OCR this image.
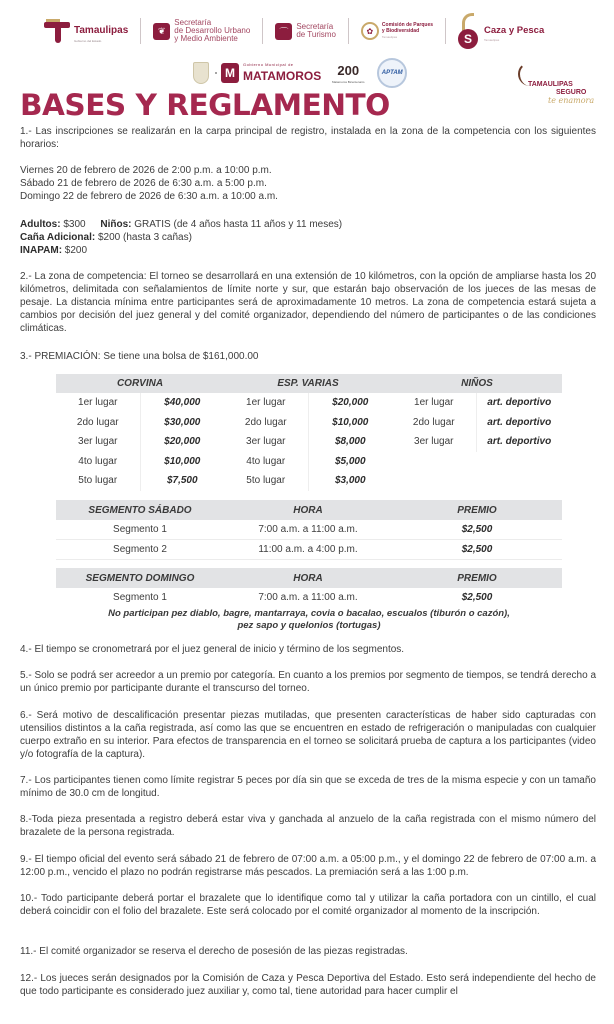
Tamaulipas
Gobierno del Estado
❦
Secretaría
de Desarrollo Urbano
y Medio Ambiente
⌒	Secretaría
de Turismo	✿
Comisión de Parques
y Biodiversidad
Tamaulipas	S
Caza y Pesca
Tamaulipas
M
Gobierno Municipal de
MATAMOROS	200
Matamoros Bicentenario
APTAM
TAMAULIPAS
SEGURO
te enamora
BASES Y REGLAMENTO
1.- Las inscripciones se realizarán en la carpa principal de registro, instalada en la zona de la competencia con los siguientes horarios:
Viernes 20 de febrero de 2026 de 2:00 p.m. a 10:00 p.m.
Sábado 21 de febrero de 2026 de 6:30 a.m. a 5:00 p.m.
Domingo 22 de febrero de 2026 de 6:30 a.m. a 10:00 a.m.
Adultos: $300 Niños: GRATIS (de 4 años hasta 11 años y 11 meses)
Caña Adicional: $200 (hasta 3 cañas)
INAPAM: $200
2.- La zona de competencia: El torneo se desarrollará en una extensión de 10 kilómetros, con la opción de ampliarse hasta los 20 kilómetros, delimitada con señalamientos de límite norte y sur, que estarán bajo observación de los jueces de las mesas de pesaje. La distancia mínima entre participantes será de aproximadamente 10 metros. La zona de competencia estará sujeta a cambios por decisión del juez general y del comité organizador, dependiendo del número de participantes o de las condiciones climáticas.
3.- PREMIACIÓN: Se tiene una bolsa de $161,000.00
CORVINA		ESP. VARIAS		NIÑOS	
1er lugar	$40,000	1er lugar	$20,000	1er lugar	art. deportivo
2do lugar	$30,000	2do lugar	$10,000	2do lugar	art. deportivo
3er lugar	$20,000	3er lugar	$8,000	3er lugar	art. deportivo
4to lugar	$10,000	4to lugar	$5,000		
5to lugar	$7,500	5to lugar	$3,000		
SEGMENTO SÁBADO	HORA	PREMIO
Segmento 1	7:00 a.m. a 11:00 a.m.	$2,500
Segmento 2	11:00 a.m. a 4:00 p.m.	$2,500
SEGMENTO DOMINGO	HORA	PREMIO
Segmento 1	7:00 a.m. a 11:00 a.m.	$2,500
No participan pez diablo, bagre, mantarraya, covia o bacalao, escualos (tiburón o cazón),
pez sapo y quelonios (tortugas)
4.- El tiempo se cronometrará por el juez general de inicio y término de los segmentos.
5.- Solo se podrá ser acreedor a un premio por categoría. En cuanto a los premios por segmento de tiempos, se tendrá derecho a un único premio por participante durante el transcurso del torneo.
6.- Será motivo de descalificación presentar piezas mutiladas, que presenten características de haber sido capturadas con utensilios distintos a la caña registrada, así como las que se encuentren en estado de refrigeración o manipuladas con cualquier cuerpo extraño en su interior. Para efectos de transparencia en el torneo se solicitará prueba de captura a los participantes (video y/o fotografía de la captura).
7.- Los participantes tienen como límite registrar 5 peces por día sin que se exceda de tres de la misma especie y con un tamaño mínimo de 30.0 cm de longitud.
8.-Toda pieza presentada a registro deberá estar viva y ganchada al anzuelo de la caña registrada con el mismo número del brazalete de la persona registrada.
9.- El tiempo oficial del evento será sábado 21 de febrero de 07:00 a.m. a 05:00 p.m., y el domingo 22 de febrero de 07:00 a.m. a 12:00 p.m., vencido el plazo no podrán registrarse más pescados. La premiación será a las 1:00 p.m.
10.- Todo participante deberá portar el brazalete que lo identifique como tal y utilizar la caña portadora con un cintillo, el cual deberá coincidir con el folio del brazalete. Este será colocado por el comité organizador al momento de la inscripción.
11.- El comité organizador se reserva el derecho de posesión de las piezas registradas.
12.- Los jueces serán designados por la Comisión de Caza y Pesca Deportiva del Estado. Esto será independiente del hecho de que todo participante es considerado juez auxiliar y, como tal, tiene autoridad para hacer cumplir el
